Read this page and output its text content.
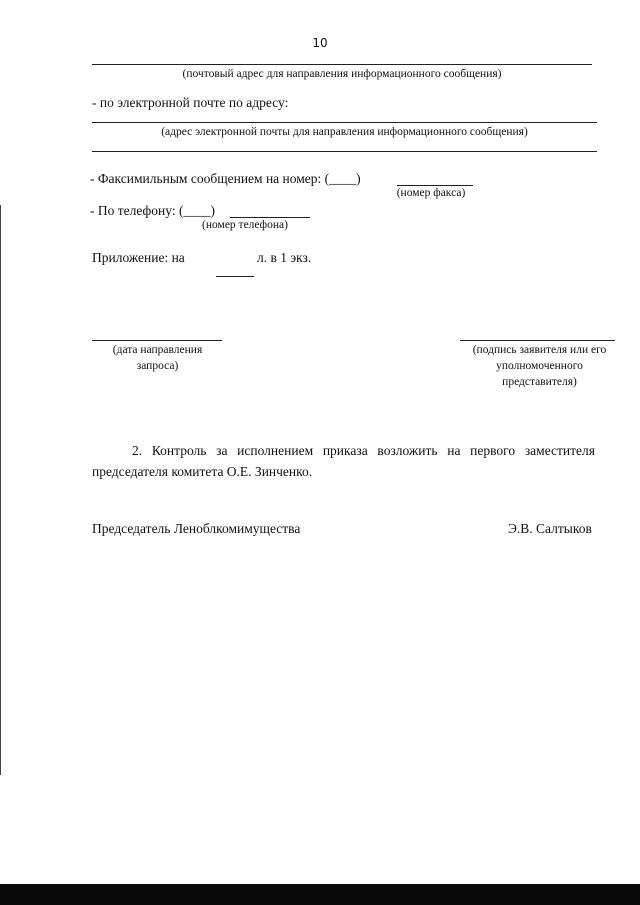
10
(почтовый адрес для направления информационного сообщения)
- по электронной почте по адресу:
(адрес электронной почты для направления информационного сообщения)
- Факсимильным сообщением на номер: (____)
(номер факса)
- По телефону: (____)
(номер телефона)
Приложение: на	л. в 1 экз.
(дата направления
запроса)
(подпись заявителя или его
уполномоченного
представителя)
2. Контроль за исполнением приказа возложить на первого заместителя
председателя комитета О.Е. Зинченко.
Председатель Леноблкомимущества	Э.В. Салтыков
